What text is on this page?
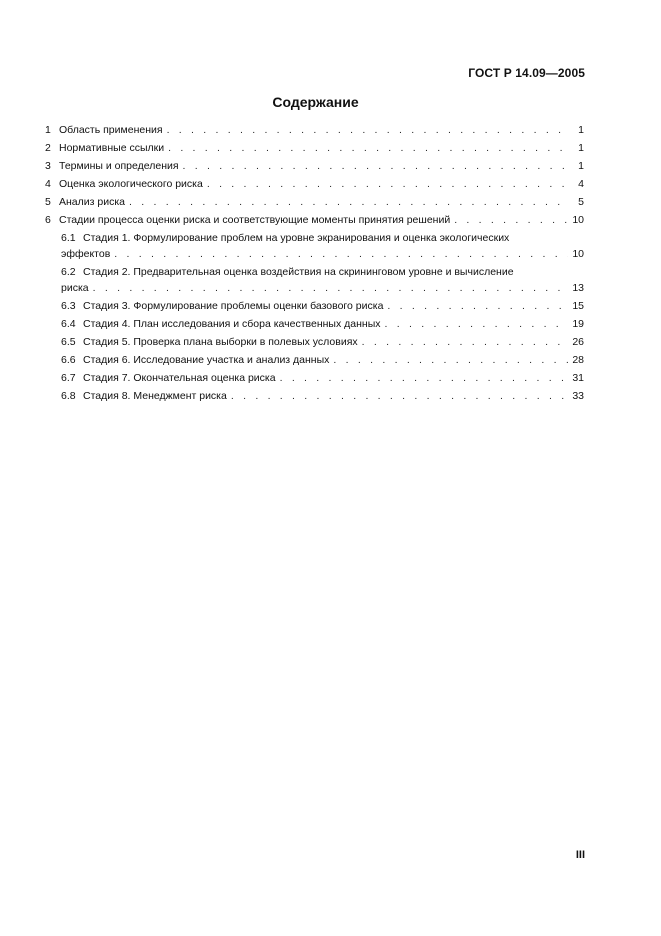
ГОСТ Р 14.09—2005
Содержание
1 Область применения . . .	1
2 Нормативные ссылки . . .	1
3 Термины и определения . . .	1
4 Оценка экологического риска . . .	4
5 Анализ риска . . .	5
6 Стадии процесса оценки риска и соответствующие моменты принятия решений . . .	10
6.1 Стадия 1. Формулирование проблем на уровне экранирования и оценка экологических
эффектов . . .	10
6.2 Стадия 2. Предварительная оценка воздействия на скрининговом уровне и вычисление
риска . . .	13
6.3 Стадия 3. Формулирование проблемы оценки базового риска . . .	15
6.4 Стадия 4. План исследования и сбора качественных данных . . .	19
6.5 Стадия 5. Проверка плана выборки в полевых условиях . . .	26
6.6 Стадия 6. Исследование участка и анализ данных . . .	28
6.7 Стадия 7. Окончательная оценка риска . . .	31
6.8 Стадия 8. Менеджмент риска . . .	33
III
